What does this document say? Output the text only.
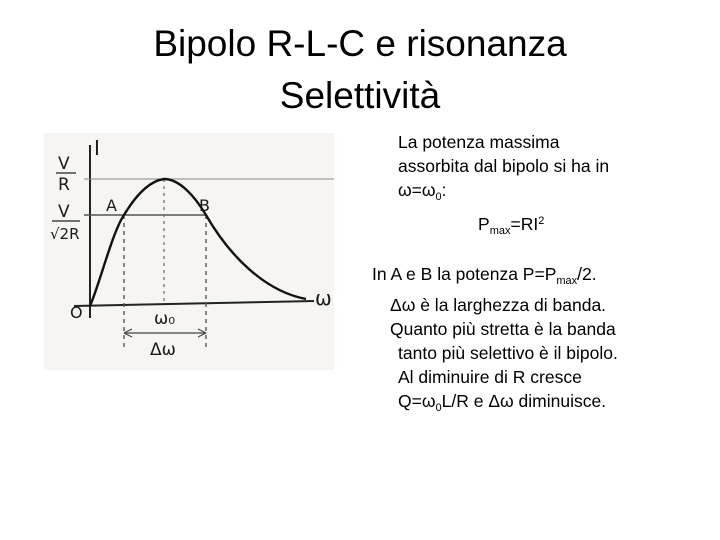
Bipolo R-L-C e risonanza
Selettività
I
V
R
V
√2R
O
ω
A	B
ω₀
Δω
La potenza massima
assorbita dal bipolo si ha in
$\omega=\omega_0$:
$P_{max}=RI^2$
In A e B la potenza $P=P_{max}/2$.
Δω è la larghezza di banda.
Quanto più stretta è la banda
tanto più selettivo è il bipolo.
Al diminuire di R cresce
$Q=\omega_0L/R$ e Δω diminuisce.
